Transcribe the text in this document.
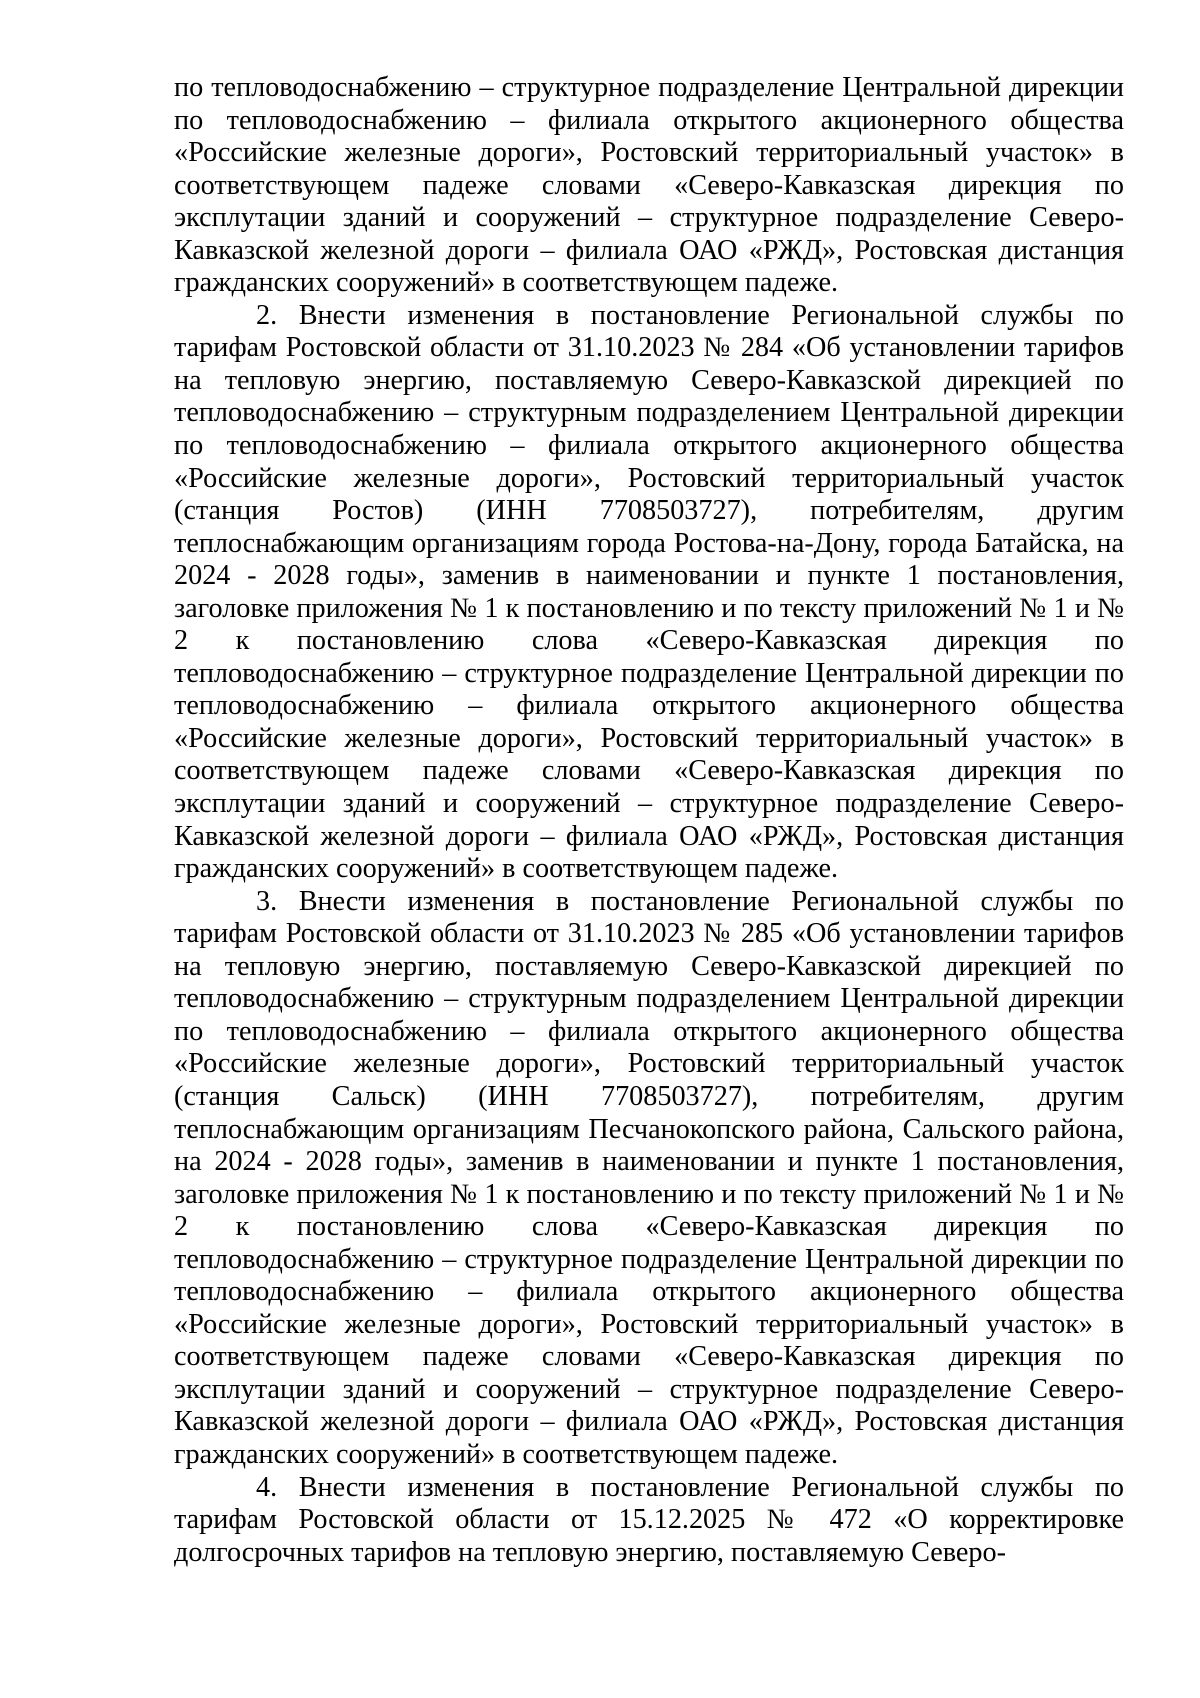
по тепловодоснабжению – структурное подразделение Центральной дирекции по тепловодоснабжению – филиала открытого акционерного общества «Российские железные дороги», Ростовский территориальный участок» в соответствующем падеже словами «Северо-Кавказская дирекция по эксплутации зданий и сооружений – структурное подразделение Северо-Кавказской железной дороги – филиала ОАО «РЖД», Ростовская дистанция гражданских сооружений» в соответствующем падеже.

2. Внести изменения в постановление Региональной службы по тарифам Ростовской области от 31.10.2023 № 284 «Об установлении тарифов на тепловую энергию, поставляемую Северо-Кавказской дирекцией по тепловодоснабжению – структурным подразделением Центральной дирекции по тепловодоснабжению – филиала открытого акционерного общества «Российские железные дороги», Ростовский территориальный участок (станция Ростов) (ИНН 7708503727), потребителям, другим теплоснабжающим организациям города Ростова-на-Дону, города Батайска, на 2024 - 2028 годы», заменив в наименовании и пункте 1 постановления, заголовке приложения № 1 к постановлению и по тексту приложений № 1 и № 2 к постановлению слова «Северо-Кавказская дирекция по тепловодоснабжению – структурное подразделение Центральной дирекции по тепловодоснабжению – филиала открытого акционерного общества «Российские железные дороги», Ростовский территориальный участок» в соответствующем падеже словами «Северо-Кавказская дирекция по эксплутации зданий и сооружений – структурное подразделение Северо-Кавказской железной дороги – филиала ОАО «РЖД», Ростовская дистанция гражданских сооружений» в соответствующем падеже.

3. Внести изменения в постановление Региональной службы по тарифам Ростовской области от 31.10.2023 № 285 «Об установлении тарифов на тепловую энергию, поставляемую Северо-Кавказской дирекцией по тепловодоснабжению – структурным подразделением Центральной дирекции по тепловодоснабжению – филиала открытого акционерного общества «Российские железные дороги», Ростовский территориальный участок (станция Сальск) (ИНН 7708503727), потребителям, другим теплоснабжающим организациям Песчанокопского района, Сальского района, на 2024 - 2028 годы», заменив в наименовании и пункте 1 постановления, заголовке приложения № 1 к постановлению и по тексту приложений № 1 и № 2 к постановлению слова «Северо-Кавказская дирекция по тепловодоснабжению – структурное подразделение Центральной дирекции по тепловодоснабжению – филиала открытого акционерного общества «Российские железные дороги», Ростовский территориальный участок» в соответствующем падеже словами «Северо-Кавказская дирекция по эксплутации зданий и сооружений – структурное подразделение Северо-Кавказской железной дороги – филиала ОАО «РЖД», Ростовская дистанция гражданских сооружений» в соответствующем падеже.

4. Внести изменения в постановление Региональной службы по тарифам Ростовской области от 15.12.2025 № 472 «О корректировке долгосрочных тарифов на тепловую энергию, поставляемую Северо-
